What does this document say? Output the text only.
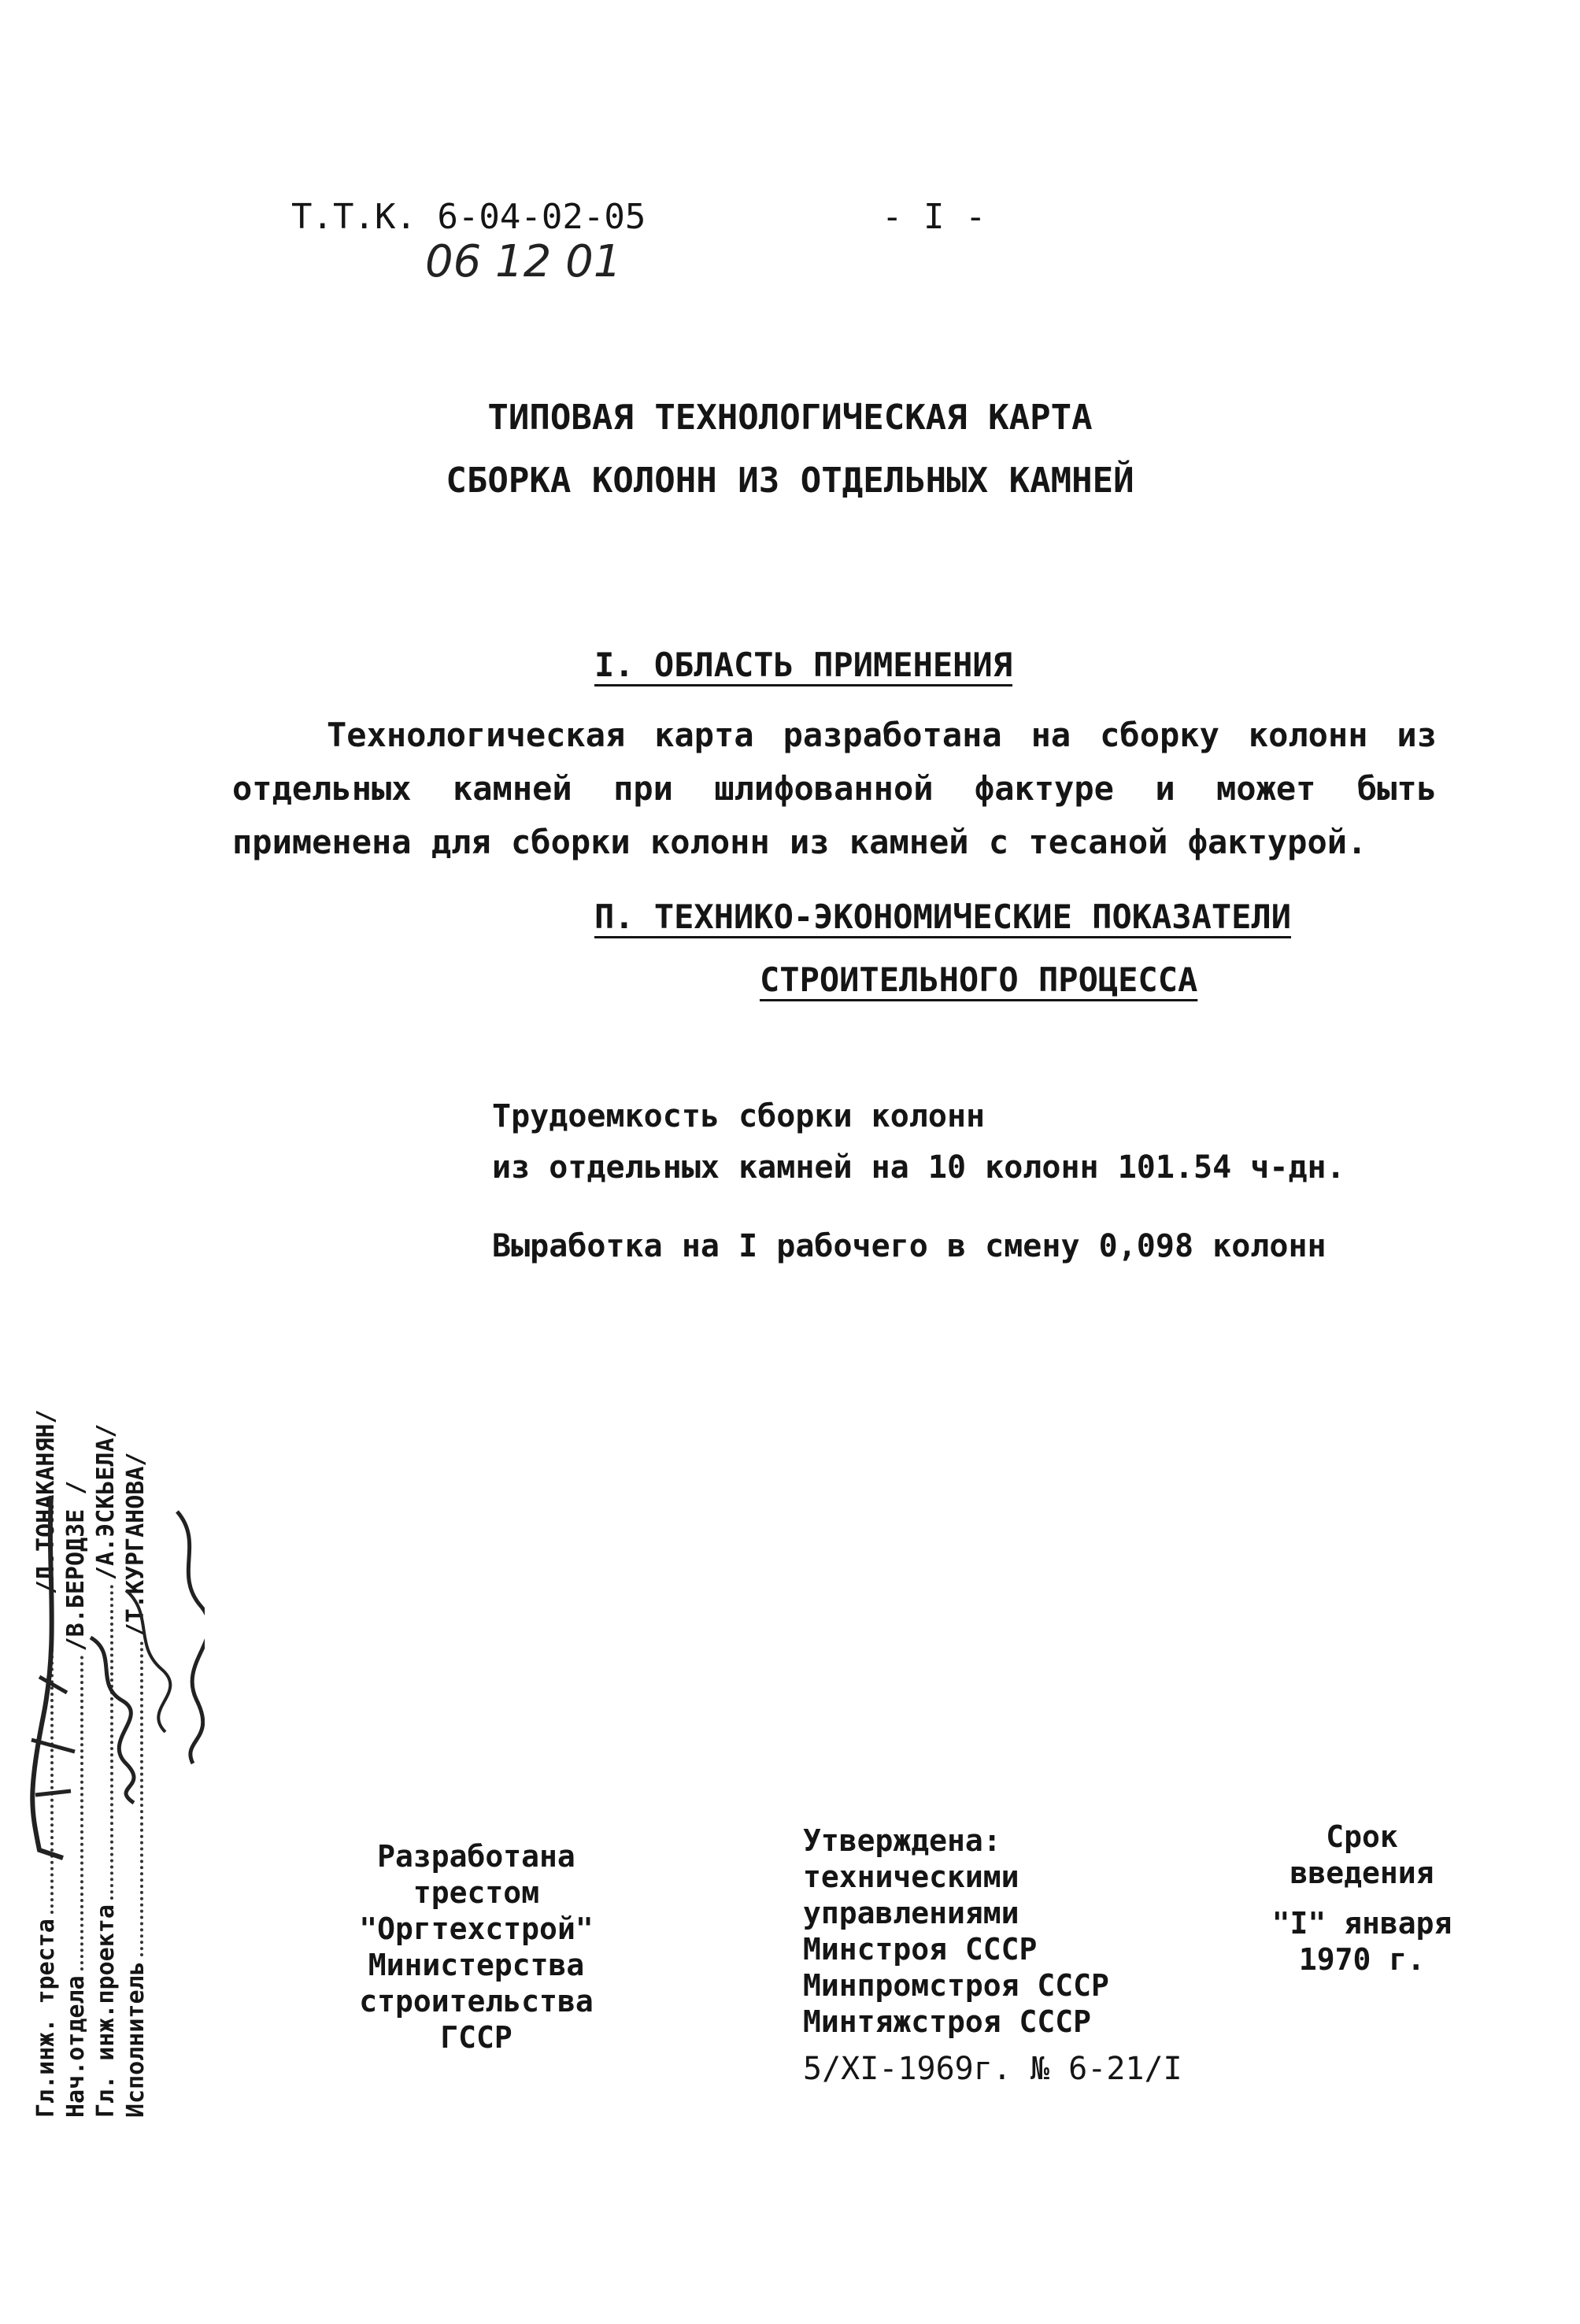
Т.Т.К. 6-04-02-05
06 12 01
- I -
ТИПОВАЯ ТЕХНОЛОГИЧЕСКАЯ КАРТА
СБОРКА КОЛОНН ИЗ ОТДЕЛЬНЫХ КАМНЕЙ
I. ОБЛАСТЬ ПРИМЕНЕНИЯ
Технологическая карта разработана на сборку колонн из отдельных камней при шлифованной фактуре и может быть применена для сборки колонн из камней с тесаной фактурой.
П. ТЕХНИКО-ЭКОНОМИЧЕСКИЕ ПОКАЗАТЕЛИ
СТРОИТЕЛЬНОГО ПРОЦЕССА
Трудоемкость сборки колонн
из отдельных камней на 10 колонн 101.54 ч-дн.
Выработка на I рабочего в смену 0,098 колонн
Гл.инж. треста/Л.ТОНАКАНЯН/
Нач.отдела/В.БЕРОДЗЕ /
Гл. инж.проекта/А.ЭСКЬЕЛА/
Исполнитель/Т.КУРГАНОВА/
Разработана
трестом
"Оргтехстрой"
Министерства
строительства
ГССР
Утверждена:
техническими
управлениями
Минстроя СССР
Минпромстроя СССР
Минтяжстроя СССР
5/XI-1969г. № 6-21/I
Срок
введения
"I" января
1970 г.
